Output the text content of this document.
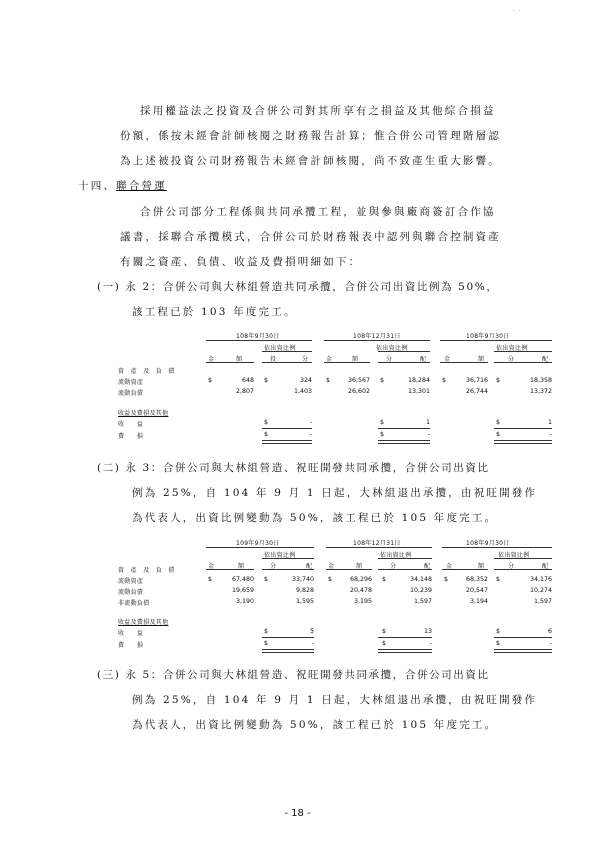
·· ·
採用權益法之投資及合併公司對其所享有之損益及其他綜合損益
份額，係按未經會計師核閱之財務報告計算；惟合併公司管理階層認
為上述被投資公司財務報告未經會計師核閱，尚不致產生重大影響。
十四、聯合營運
合併公司部分工程係與共同承攬工程，並與參與廠商簽訂合作協
議書，採聯合承攬模式，合併公司於財務報表中認列與聯合控制資產
有關之資產、負債、收益及費損明細如下：
(一) 永 2：合併公司與大林組營造共同承攬，合併公司出資比例為 50%，
該工程已於 103 年度完工。
108年9月30日	108年12月31日	108年9月30日
依出資比例	依出資比例	依出資比例
金	額	投	分	金	額	分	配	金	額	分	配
資　產　及　負　債
流動資產	$	648 $	324 $	36,567 $	18,284 $	36,716 $	18,358
流動負債	2,807	1,403	26,602	13,301	26,744	13,372
收益及費損及其他
收　　益	$	-	$	1	$	1
費　　損	$	-	$	-	$	-
(二) 永 3：合併公司與大林組營造、祝旺開發共同承攬，合併公司出資比
例為 25%，自 104 年 9 月 1 日起，大林組退出承攬，由祝旺開發作
為代表人，出資比例變動為 50%，該工程已於 105 年度完工。
109年9月30日	108年12月31日	108年9月30日
依出資比例	依出資比例	依出資比例
金	額	分	配	金	額	分	配	金	額	分	配
資　產　及　負　債
流動資產	$	67,480 $	33,740 $	68,296 $	34,148 $	68,352 $	34,176
流動負債	19,659	9,828	20,478	10,239	20,547	10,274
非流動負債	3,190	1,595	3,195	1,597	3,194	1,597
收益及費損及其他
收　　益	$	5	$	13	$	6
費　　損	$	-	$	-	$	-
(三) 永 5：合併公司與大林組營造、祝旺開發共同承攬，合併公司出資比
例為 25%，自 104 年 9 月 1 日起，大林組退出承攬，由祝旺開發作
為代表人，出資比例變動為 50%，該工程已於 105 年度完工。
- 18 -
